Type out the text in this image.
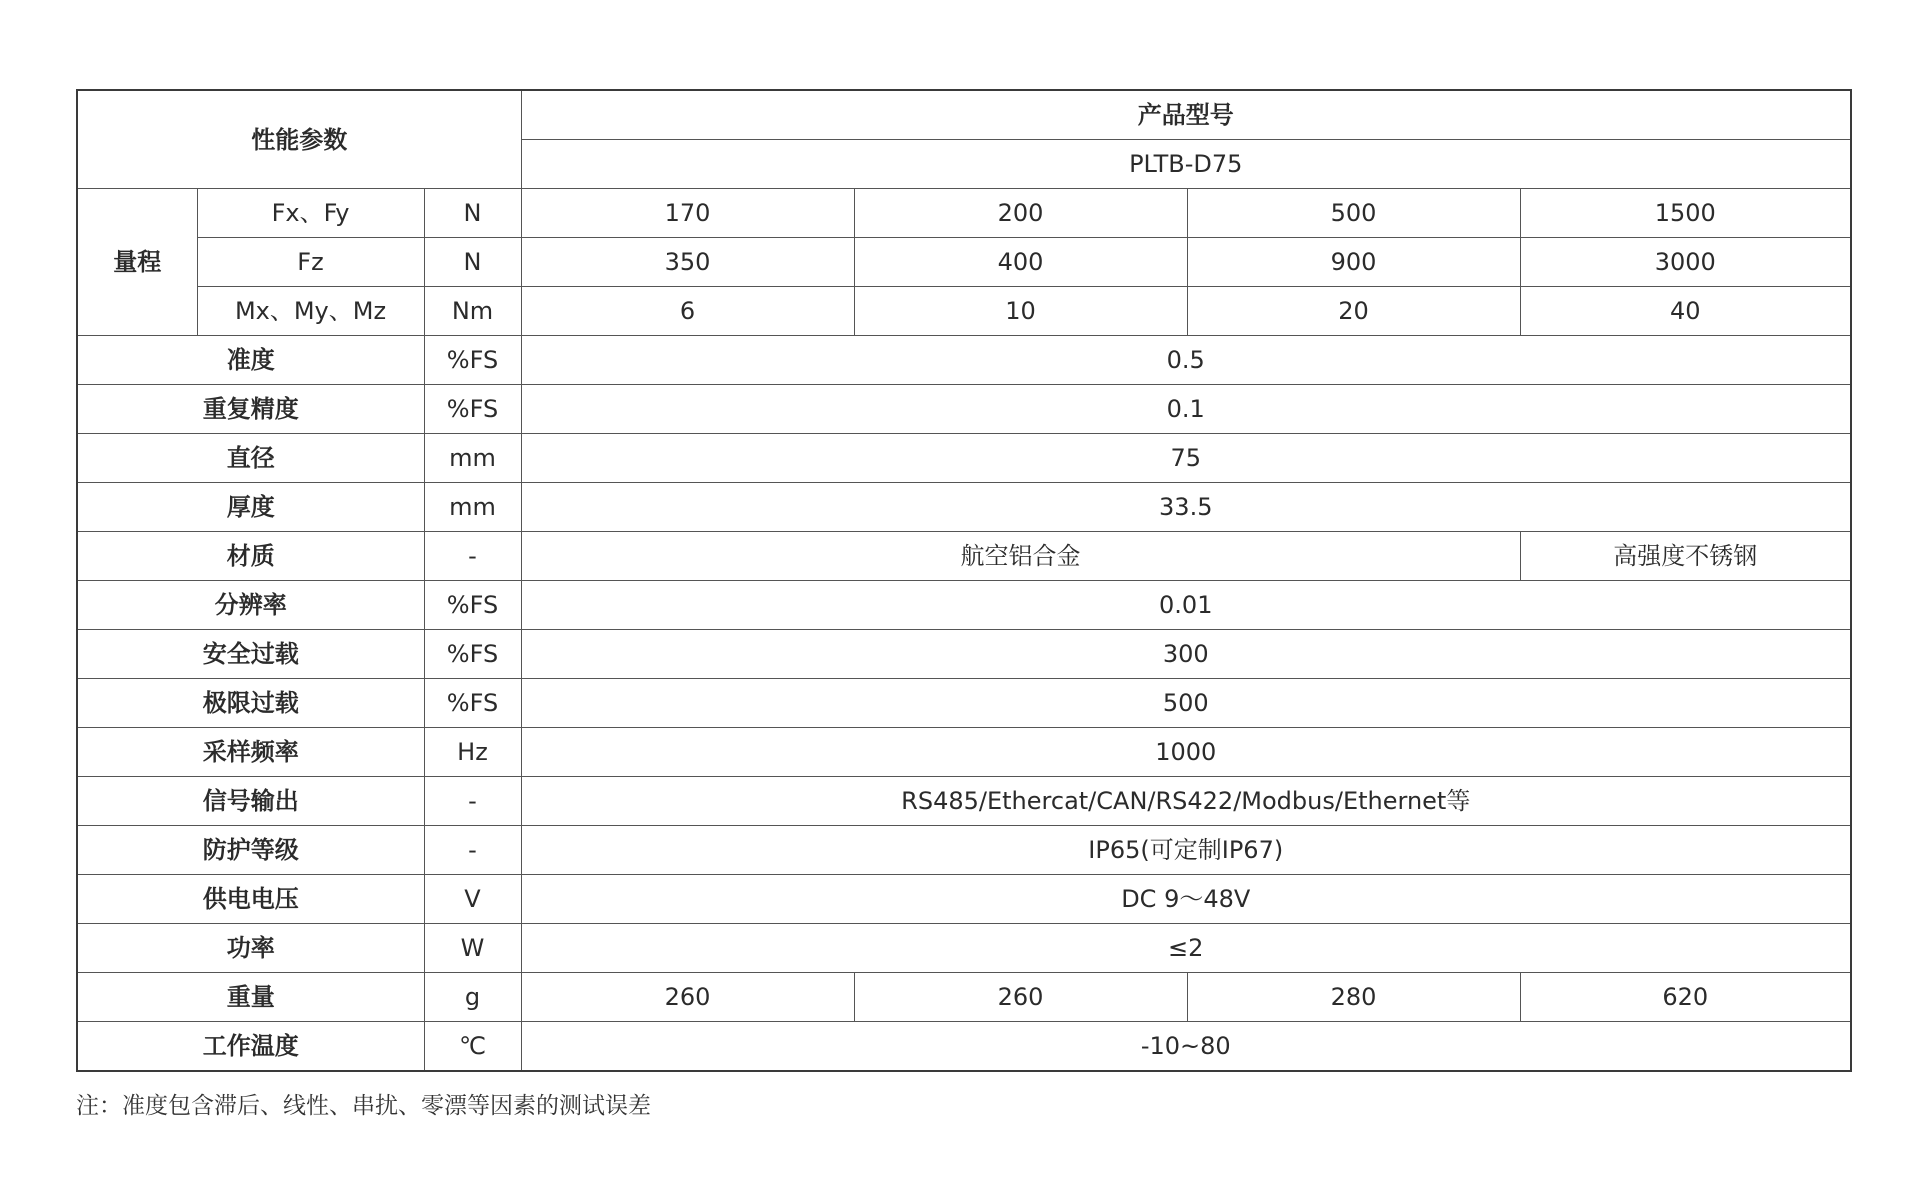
性能参数			产品型号			
			PLTB-D75			
量程	Fx、Fy	N	170	200	500	1500
	Fz	N	350	400	900	3000
	Mx、My、Mz	Nm	6	10	20	40
准度		%FS	0.5			
重复精度		%FS	0.1			
直径		mm	75			
厚度		mm	33.5			
材质		-	航空铝合金			高强度不锈钢
分辨率		%FS	0.01			
安全过载		%FS	300			
极限过载		%FS	500			
采样频率		Hz	1000			
信号输出		-	RS485/Ethercat/CAN/RS422/Modbus/Ethernet等			
防护等级		-	IP65(可定制IP67)			
供电电压		V	DC 9～48V			
功率		W	≤2			
重量		g	260	260	280	620
工作温度		℃	-10~80			
注：准度包含滞后、线性、串扰、零漂等因素的测试误差
